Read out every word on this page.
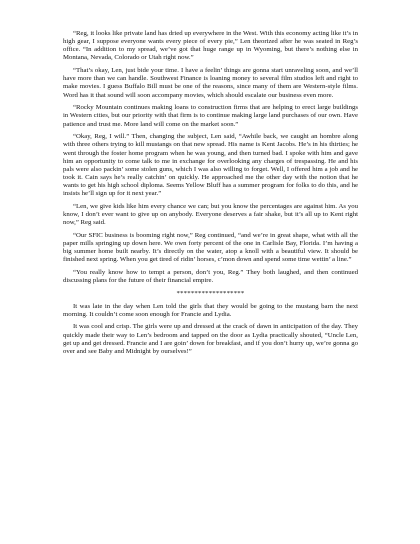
“Reg, it looks like private land has dried up everywhere in the West. With this economy acting like it’s in high gear, I suppose everyone wants every piece of every pie,” Len theorized after he was seated in Reg’s office. “In addition to my spread, we’ve got that huge range up in Wyoming, but there’s nothing else in Montana, Nevada, Colorado or Utah right now.”

“That’s okay, Len, just bide your time. I have a feelin’ things are gonna start unraveling soon, and we’ll have more than we can handle. Southwest Finance is loaning money to several film studios left and right to make movies. I guess Buffalo Bill must be one of the reasons, since many of them are Western-style films. Word has it that sound will soon accompany movies, which should escalate our business even more.

“Rocky Mountain continues making loans to construction firms that are helping to erect large buildings in Western cities, but our priority with that firm is to continue making large land purchases of our own. Have patience and trust me. More land will come on the market soon.”

“Okay, Reg, I will.” Then, changing the subject, Len said, “Awhile back, we caught an hombre along with three others trying to kill mustangs on that new spread. His name is Kent Jacobs. He’s in his thirties; he went through the foster home program when he was young, and then turned bad. I spoke with him and gave him an opportunity to come talk to me in exchange for overlooking any charges of trespassing. He and his pals were also packin’ some stolen guns, which I was also willing to forget. Well, I offered him a job and he took it. Cain says he’s really catchin’ on quickly. He approached me the other day with the notion that he wants to get his high school diploma. Seems Yellow Bluff has a summer program for folks to do this, and he insists he’ll sign up for it next year.”

“Len, we give kids like him every chance we can; but you know the percentages are against him. As you know, I don’t ever want to give up on anybody. Everyone deserves a fair shake, but it’s all up to Kent right now,” Reg said.

“Our SFIC business is booming right now,” Reg continued, “and we’re in great shape, what with all the paper mills springing up down here. We own forty percent of the one in Carlisle Bay, Florida. I’m having a big summer home built nearby. It’s directly on the water, atop a knoll with a beautiful view. It should be finished next spring. When you get tired of ridin’ horses, c’mon down and spend some time wettin’ a line.”

“You really know how to tempt a person, don’t you, Reg.” They both laughed, and then continued discussing plans for the future of their financial empire.

*******************

It was late in the day when Len told the girls that they would be going to the mustang barn the next morning. It couldn’t come soon enough for Francie and Lydia.

It was cool and crisp. The girls were up and dressed at the crack of dawn in anticipation of the day. They quickly made their way to Len’s bedroom and tapped on the door as Lydia practically shouted, “Uncle Len, get up and get dressed. Francie and I are goin’ down for breakfast, and if you don’t hurry up, we’re gonna go over and see Baby and Midnight by ourselves!”
